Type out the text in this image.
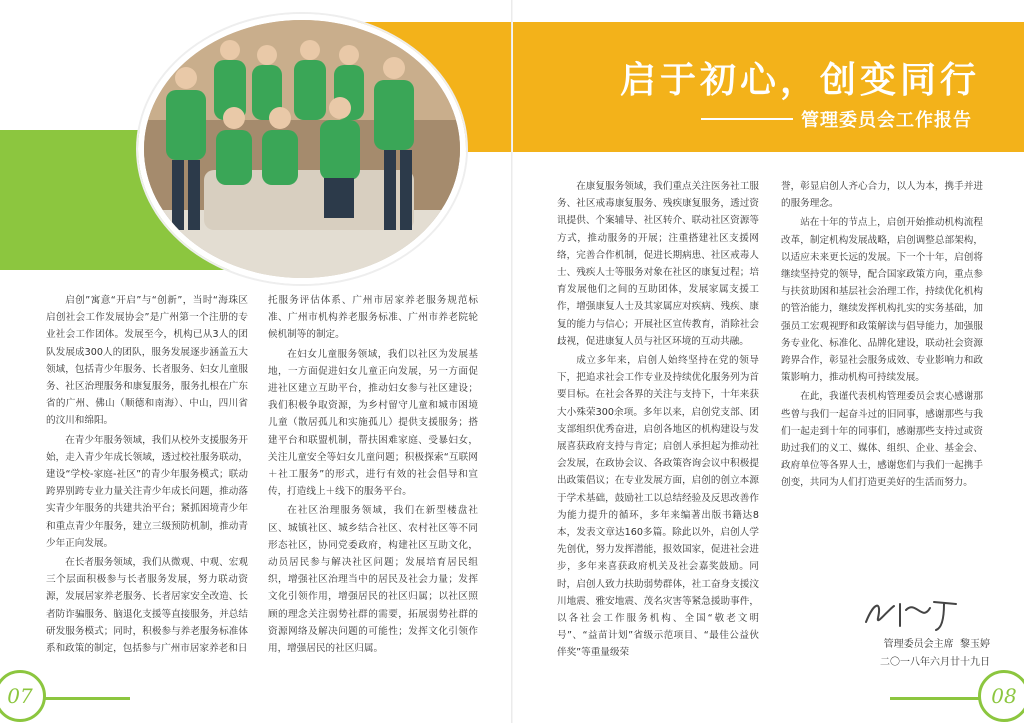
启于初心，创变同行
管理委员会工作报告

启创”寓意“开启”与“创新”，当时“海珠区启创社会工作发展协会”是广州第一个注册的专业社会工作团体。发展至今，机构已从3人的团队发展成300人的团队，服务发展逐步涵盖五大领域，包括青少年服务、长者服务、妇女儿童服务、社区治理服务和康复服务，服务扎根在广东省的广州、佛山（顺德和南海）、中山，四川省的汶川和绵阳。

在青少年服务领域，我们从校外支援服务开始，走入青少年成长领域，透过校社服务联动，建设“学校-家庭-社区”的青少年服务模式；联动跨界别跨专业力量关注青少年成长问题，推动落实青少年服务的共建共治平台；紧抓困境青少年和重点青少年服务，建立三级预防机制，推动青少年正向发展。

在长者服务领域，我们从微观、中观、宏观三个层面积极参与长者服务发展，努力联动资源，发展居家养老服务、长者居家安全改造、长者防诈骗服务、脑退化支援等直接服务，并总结研发服务模式；同时，积极参与养老服务标准体系和政策的制定，包括参与广州市居家养老和日

托服务评估体系、广州市居家养老服务规范标准、广州市机构养老服务标准、广州市养老院轮候机制等的制定。

在妇女儿童服务领域，我们以社区为发展基地，一方面促进妇女儿童正向发展，另一方面促进社区建立互助平台，推动妇女参与社区建设；我们积极争取资源，为乡村留守儿童和城市困境儿童（散居孤儿和实施孤儿）提供支援服务；搭建平台和联盟机制，帮扶困难家庭、受暴妇女，关注儿童安全等妇女儿童问题；积极探索“互联网＋社工服务”的形式，进行有效的社会倡导和宣传，打造线上＋线下的服务平台。

在社区治理服务领域，我们在新型楼盘社区、城镇社区、城乡结合社区、农村社区等不同形态社区，协同党委政府，构建社区互助文化，动员居民参与解决社区问题；发展培育居民组织，增强社区治理当中的居民及社会力量；发挥文化引领作用，增强居民的社区归属；以社区照顾的理念关注弱势社群的需要，拓展弱势社群的资源网络及解决问题的可能性；发挥文化引领作用，增强居民的社区归属。

在康复服务领域，我们重点关注医务社工服务、社区戒毒康复服务、残疾康复服务，透过资讯提供、个案辅导、社区转介、联动社区资源等方式，推动服务的开展；注重搭建社区支援网络，完善合作机制，促进长期病患、社区戒毒人士、残疾人士等服务对象在社区的康复过程；培育发展他们之间的互助团体，发展家属支援工作，增强康复人士及其家属应对疾病、残疾、康复的能力与信心；开展社区宣传教育，消除社会歧视，促进康复人员与社区环境的互动共融。

成立多年来，启创人始终坚持在党的领导下，把追求社会工作专业及持续优化服务列为首要目标。在社会各界的关注与支持下，十年来获大小殊荣300余项。多年以来，启创党支部、团支部组织优秀奋进，启创各地区的机构建设与发展喜获政府支持与肯定；启创人承担起为推动社会发展，在政协会议、各政策咨询会议中积极提出政策倡议；在专业发展方面，启创的创立本源于学术基础，鼓励社工以总结经验及反思改善作为能力提升的循环，多年来编著出版书籍达8本，发表文章达160多篇。除此以外，启创人学先创优，努力发挥潜能，报效国家，促进社会进步，多年来喜获政府机关及社会嘉奖鼓励。同时，启创人致力扶助弱势群体，社工奋身支援汶川地震、雅安地震、茂名灾害等紧急援助事件，以各社会工作服务机构、全国“敬老文明号”、“益苗计划”省级示范项目、“最佳公益伙伴奖”等重量级荣

誉，彰显启创人齐心合力，以人为本，携手并进的服务理念。

站在十年的节点上，启创开始推动机构流程改革，制定机构发展战略，启创调整总部架构，以适应未来更长远的发展。下一个十年，启创将继续坚持党的领导，配合国家政策方向，重点参与扶贫助困和基层社会治理工作，持续优化机构的管治能力，继续发挥机构扎实的实务基础，加强员工宏观视野和政策解读与倡导能力，加强服务专业化、标准化、品牌化建设，联动社会资源跨界合作，彰显社会服务成效、专业影响力和政策影响力，推动机构可持续发展。

在此，我谨代表机构管理委员会衷心感谢那些曾与我们一起奋斗过的旧同事，感谢那些与我们一起走到十年的同事们，感谢那些支持过或资助过我们的义工、媒体、组织、企业、基金会、政府单位等各界人士，感谢您们与我们一起携手创变，共同为人们打造更美好的生活而努力。

管理委员会主席 黎玉婷
二〇一八年六月廿十九日
07	08
